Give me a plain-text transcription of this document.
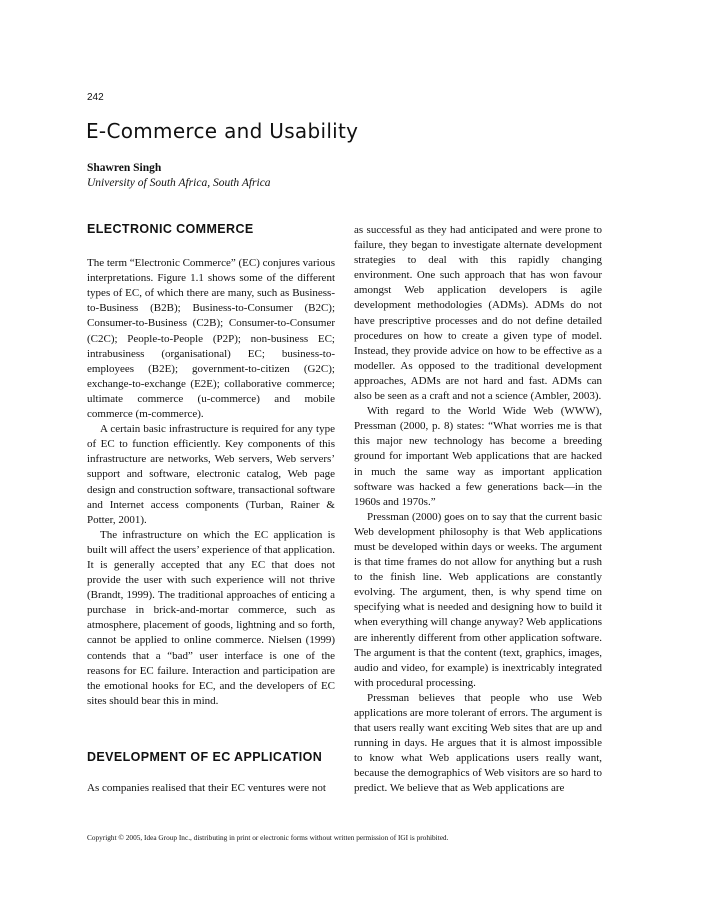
242
E-Commerce and Usability
Shawren Singh
University of South Africa, South Africa
ELECTRONIC COMMERCE

The term “Electronic Commerce” (EC) conjures various interpretations. Figure 1.1 shows some of the different types of EC, of which there are many, such as Business-to-Business (B2B); Business-to-Consumer (B2C); Consumer-to-Business (C2B); Consumer-to-Consumer (C2C); People-to-People (P2P); non-business EC; intrabusiness (organisational) EC; business-to-employees (B2E); government-to-citizen (G2C); exchange-to-exchange (E2E); collaborative commerce; ultimate commerce (u-commerce) and mobile commerce (m-commerce).

A certain basic infrastructure is required for any type of EC to function efficiently. Key components of this infrastructure are networks, Web servers, Web servers’ support and software, electronic catalog, Web page design and construction software, transactional software and Internet access components (Turban, Rainer & Potter, 2001).

The infrastructure on which the EC application is built will affect the users’ experience of that application. It is generally accepted that any EC that does not provide the user with such experience will not thrive (Brandt, 1999). The traditional approaches of enticing a purchase in brick-and-mortar commerce, such as atmosphere, placement of goods, lightning and so forth, cannot be applied to online commerce. Nielsen (1999) contends that a “bad” user interface is one of the reasons for EC failure. Interaction and participation are the emotional hooks for EC, and the developers of EC sites should bear this in mind.

DEVELOPMENT OF EC APPLICATION

As companies realised that their EC ventures were not

as successful as they had anticipated and were prone to failure, they began to investigate alternate development strategies to deal with this rapidly changing environment. One such approach that has won favour amongst Web application developers is agile development methodologies (ADMs). ADMs do not have prescriptive processes and do not define detailed procedures on how to create a given type of model. Instead, they provide advice on how to be effective as a modeller. As opposed to the traditional development approaches, ADMs are not hard and fast. ADMs can also be seen as a craft and not a science (Ambler, 2003).

With regard to the World Wide Web (WWW), Pressman (2000, p. 8) states: “What worries me is that this major new technology has become a breeding ground for important Web applications that are hacked in much the same way as important application software was hacked a few generations back—in the 1960s and 1970s.”

Pressman (2000) goes on to say that the current basic Web development philosophy is that Web applications must be developed within days or weeks. The argument is that time frames do not allow for anything but a rush to the finish line. Web applications are constantly evolving. The argument, then, is why spend time on specifying what is needed and designing how to build it when everything will change anyway? Web applications are inherently different from other application software. The argument is that the content (text, graphics, images, audio and video, for example) is inextricably integrated with procedural processing.

Pressman believes that people who use Web applications are more tolerant of errors. The argument is that users really want exciting Web sites that are up and running in days. He argues that it is almost impossible to know what Web applications users really want, because the demographics of Web visitors are so hard to predict. We believe that as Web applications are

Copyright © 2005, Idea Group Inc., distributing in print or electronic forms without written permission of IGI is prohibited.
